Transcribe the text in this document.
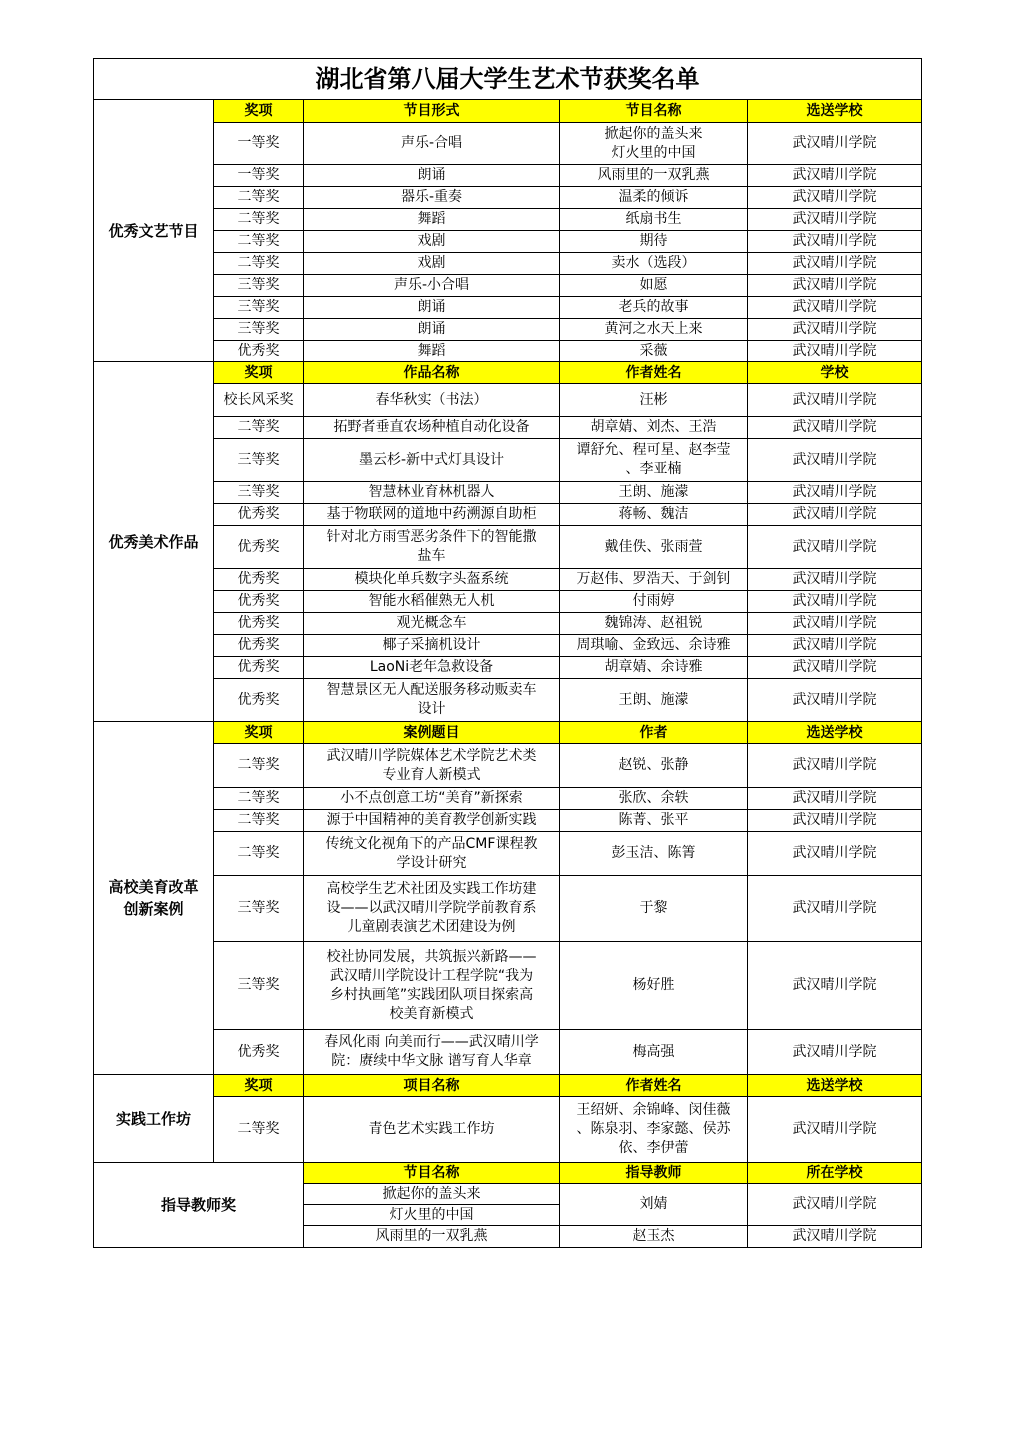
湖北省第八届大学生艺术节获奖名单				
优秀文艺节目	奖项	节目形式	节目名称	选送学校
	一等奖	声乐-合唱	掀起你的盖头来
灯火里的中国	武汉晴川学院
	一等奖	朗诵	风雨里的一双乳燕	武汉晴川学院
	二等奖	器乐-重奏	温柔的倾诉	武汉晴川学院
	二等奖	舞蹈	纸扇书生	武汉晴川学院
	二等奖	戏剧	期待	武汉晴川学院
	二等奖	戏剧	卖水（选段）	武汉晴川学院
	三等奖	声乐-小合唱	如愿	武汉晴川学院
	三等奖	朗诵	老兵的故事	武汉晴川学院
	三等奖	朗诵	黄河之水天上来	武汉晴川学院
	优秀奖	舞蹈	采薇	武汉晴川学院
优秀美术作品	奖项	作品名称	作者姓名	学校
	校长风采奖	春华秋实（书法）	汪彬	武汉晴川学院
	二等奖	拓野者垂直农场种植自动化设备	胡章婧、刘杰、王浩	武汉晴川学院
	三等奖	墨云杉-新中式灯具设计	谭舒允、程可星、赵李莹
、李亚楠	武汉晴川学院
	三等奖	智慧林业育林机器人	王朗、施濛	武汉晴川学院
	优秀奖	基于物联网的道地中药溯源自助柜	蒋畅、魏洁	武汉晴川学院
	优秀奖	针对北方雨雪恶劣条件下的智能撒
盐车	戴佳佚、张雨萱	武汉晴川学院
	优秀奖	模块化单兵数字头盔系统	万赵伟、罗浩天、于剑钊	武汉晴川学院
	优秀奖	智能水稻催熟无人机	付雨婷	武汉晴川学院
	优秀奖	观光概念车	魏锦涛、赵祖锐	武汉晴川学院
	优秀奖	椰子采摘机设计	周琪喻、金致远、余诗雅	武汉晴川学院
	优秀奖	LaoNi老年急救设备	胡章婧、余诗雅	武汉晴川学院
	优秀奖	智慧景区无人配送服务移动贩卖车
设计	王朗、施濛	武汉晴川学院
高校美育改革
创新案例	奖项	案例题目	作者	选送学校
	二等奖	武汉晴川学院媒体艺术学院艺术类
专业育人新模式	赵锐、张静	武汉晴川学院
	二等奖	小不点创意工坊“美育”新探索	张欣、余轶	武汉晴川学院
	二等奖	源于中国精神的美育教学创新实践	陈菁、张平	武汉晴川学院
	二等奖	传统文化视角下的产品CMF课程教
学设计研究	彭玉洁、陈箐	武汉晴川学院
	三等奖	高校学生艺术社团及实践工作坊建
设——以武汉晴川学院学前教育系
儿童剧表演艺术团建设为例	于黎	武汉晴川学院
	三等奖	校社协同发展，共筑振兴新路——
武汉晴川学院设计工程学院“我为
乡村执画笔”实践团队项目探索高
校美育新模式	杨好胜	武汉晴川学院
	优秀奖	春风化雨 向美而行——武汉晴川学
院：赓续中华文脉 谱写育人华章	梅高强	武汉晴川学院
实践工作坊	奖项	项目名称	作者姓名	选送学校
	二等奖	青色艺术实践工作坊	王绍妍、余锦峰、闵佳薇
、陈泉羽、李家懿、侯苏
依、李伊蕾	武汉晴川学院
指导教师奖		节目名称	指导教师	所在学校
		掀起你的盖头来	刘婧	武汉晴川学院
		灯火里的中国		
		风雨里的一双乳燕	赵玉杰	武汉晴川学院
